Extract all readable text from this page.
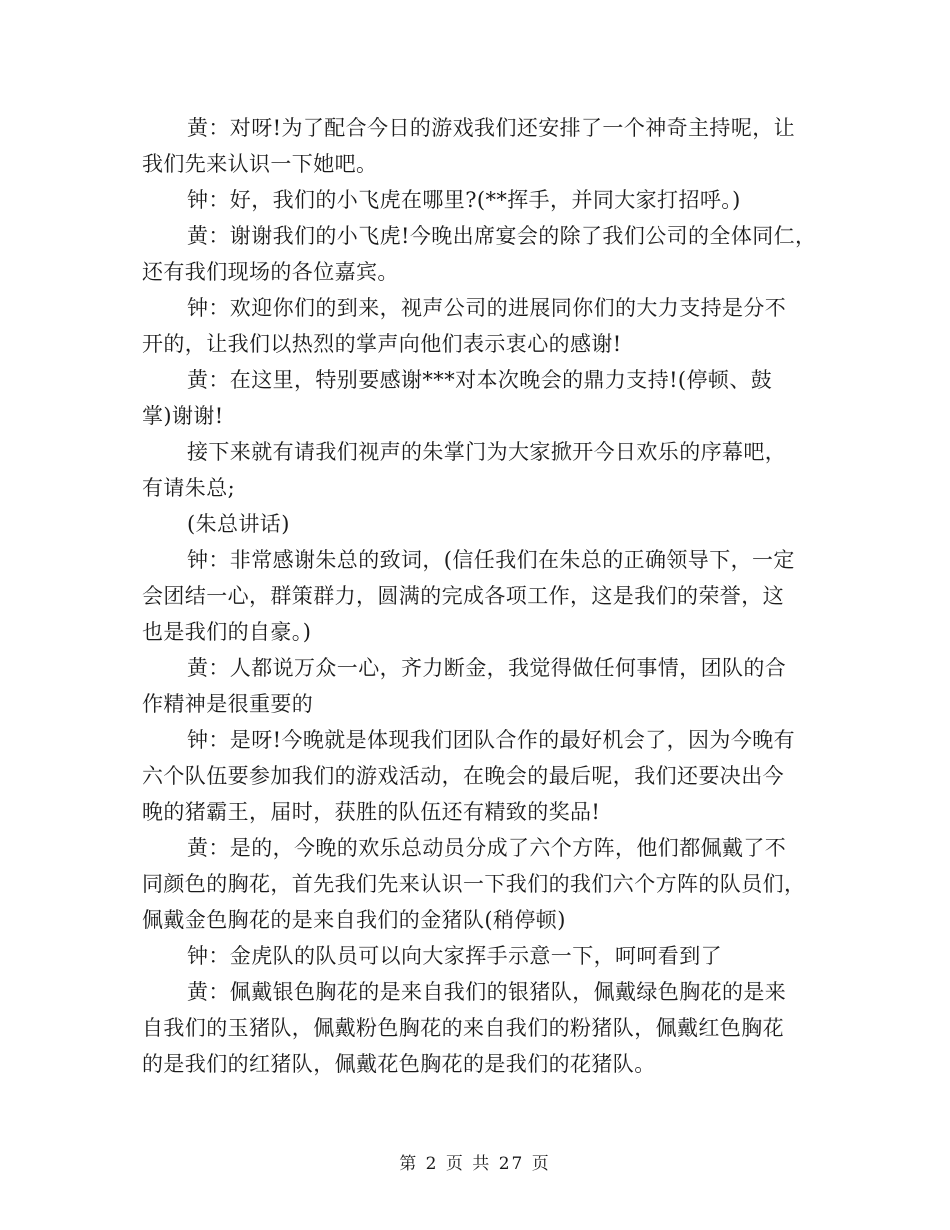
黄：对呀!为了配合今日的游戏我们还安排了一个神奇主持呢，让
我们先来认识一下她吧。
钟：好，我们的小飞虎在哪里?(**挥手，并同大家打招呼。)
黄：谢谢我们的小飞虎!今晚出席宴会的除了我们公司的全体同仁，
还有我们现场的各位嘉宾。
钟：欢迎你们的到来，视声公司的进展同你们的大力支持是分不
开的，让我们以热烈的掌声向他们表示衷心的感谢!
黄：在这里，特别要感谢***对本次晚会的鼎力支持!(停顿、鼓
掌)谢谢!
接下来就有请我们视声的朱掌门为大家掀开今日欢乐的序幕吧，
有请朱总;
(朱总讲话)
钟：非常感谢朱总的致词，(信任我们在朱总的正确领导下，一定
会团结一心，群策群力，圆满的完成各项工作，这是我们的荣誉，这
也是我们的自豪。)
黄：人都说万众一心，齐力断金，我觉得做任何事情，团队的合
作精神是很重要的
钟：是呀!今晚就是体现我们团队合作的最好机会了，因为今晚有
六个队伍要参加我们的游戏活动，在晚会的最后呢，我们还要决出今
晚的猪霸王，届时，获胜的队伍还有精致的奖品!
黄：是的，今晚的欢乐总动员分成了六个方阵，他们都佩戴了不
同颜色的胸花，首先我们先来认识一下我们的我们六个方阵的队员们，
佩戴金色胸花的是来自我们的金猪队(稍停顿)
钟：金虎队的队员可以向大家挥手示意一下，呵呵看到了
黄：佩戴银色胸花的是来自我们的银猪队，佩戴绿色胸花的是来
自我们的玉猪队，佩戴粉色胸花的来自我们的粉猪队，佩戴红色胸花
的是我们的红猪队，佩戴花色胸花的是我们的花猪队。
第 2 页 共 27 页
